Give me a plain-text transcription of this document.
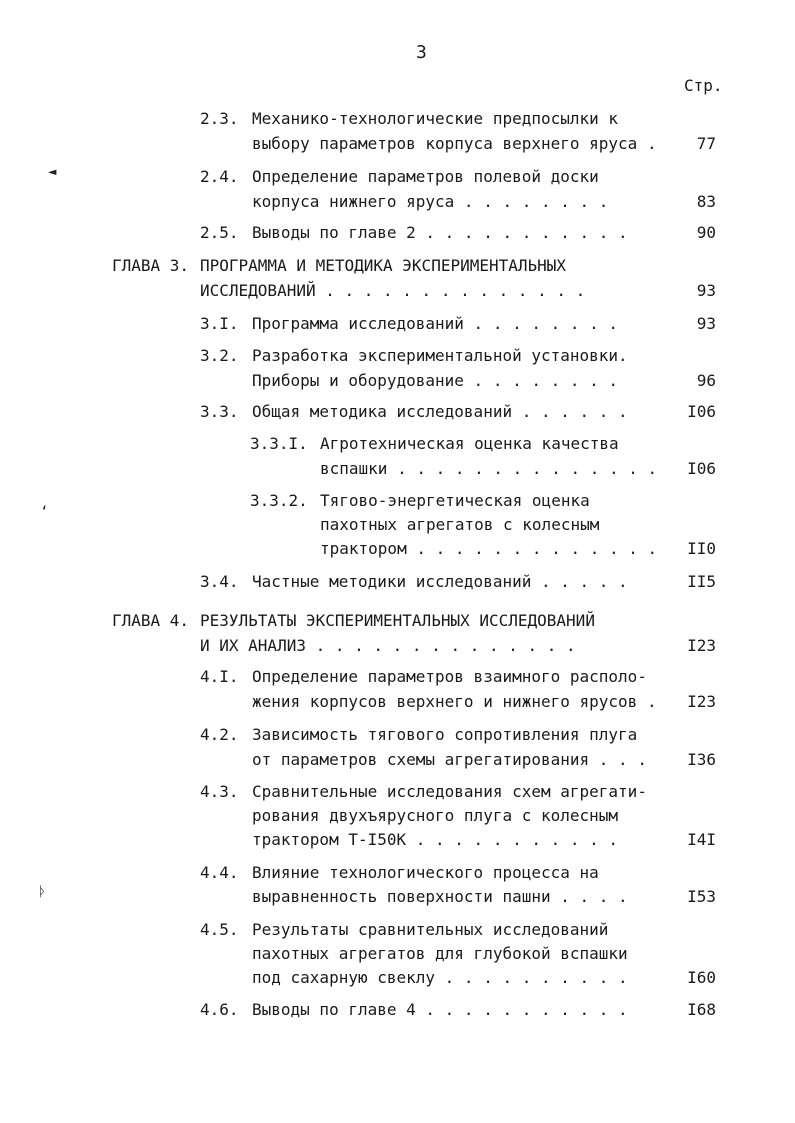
3
Стр.
◄
ʻ
ᚦ
2.3. Механико-технологические предпосылки к
выбору параметров корпуса верхнего яруса .	77
2.4. Определение параметров полевой доски
корпуса нижнего яруса . . . . . . . .	83
2.5. Выводы по главе 2 . . . . . . . . . . .	90
ГЛАВА 3. ПРОГРАММА И МЕТОДИКА ЭКСПЕРИМЕНТАЛЬНЫХ
ИССЛЕДОВАНИЙ . . . . . . . . . . . . . .	93
3.I. Программа исследований . . . . . . . .	93
3.2. Разработка экспериментальной установки.
Приборы и оборудование . . . . . . . .	96
3.3. Общая методика исследований . . . . . .	I06
3.3.I. Агротехническая оценка качества
вспашки . . . . . . . . . . . . . .	I06
3.3.2. Тягово-энергетическая оценка
пахотных агрегатов с колесным
трактором . . . . . . . . . . . . .	II0
3.4. Частные методики исследований . . . . .	II5
ГЛАВА 4. РЕЗУЛЬТАТЫ ЭКСПЕРИМЕНТАЛЬНЫХ ИССЛЕДОВАНИЙ
И ИХ АНАЛИЗ . . . . . . . . . . . . . .	I23
4.I. Определение параметров взаимного располо-
жения корпусов верхнего и нижнего ярусов .	I23
4.2. Зависимость тягового сопротивления плуга
от параметров схемы агрегатирования . . .	I36
4.3. Сравнительные исследования схем агрегати-
рования двухъярусного плуга с колесным
трактором Т-I50К . . . . . . . . . . .	I4I
4.4. Влияние технологического процесса на
выравненность поверхности пашни . . . .	I53
4.5. Результаты сравнительных исследований
пахотных агрегатов для глубокой вспашки
под сахарную свеклу . . . . . . . . . .	I60
4.6. Выводы по главе 4 . . . . . . . . . . .	I68
